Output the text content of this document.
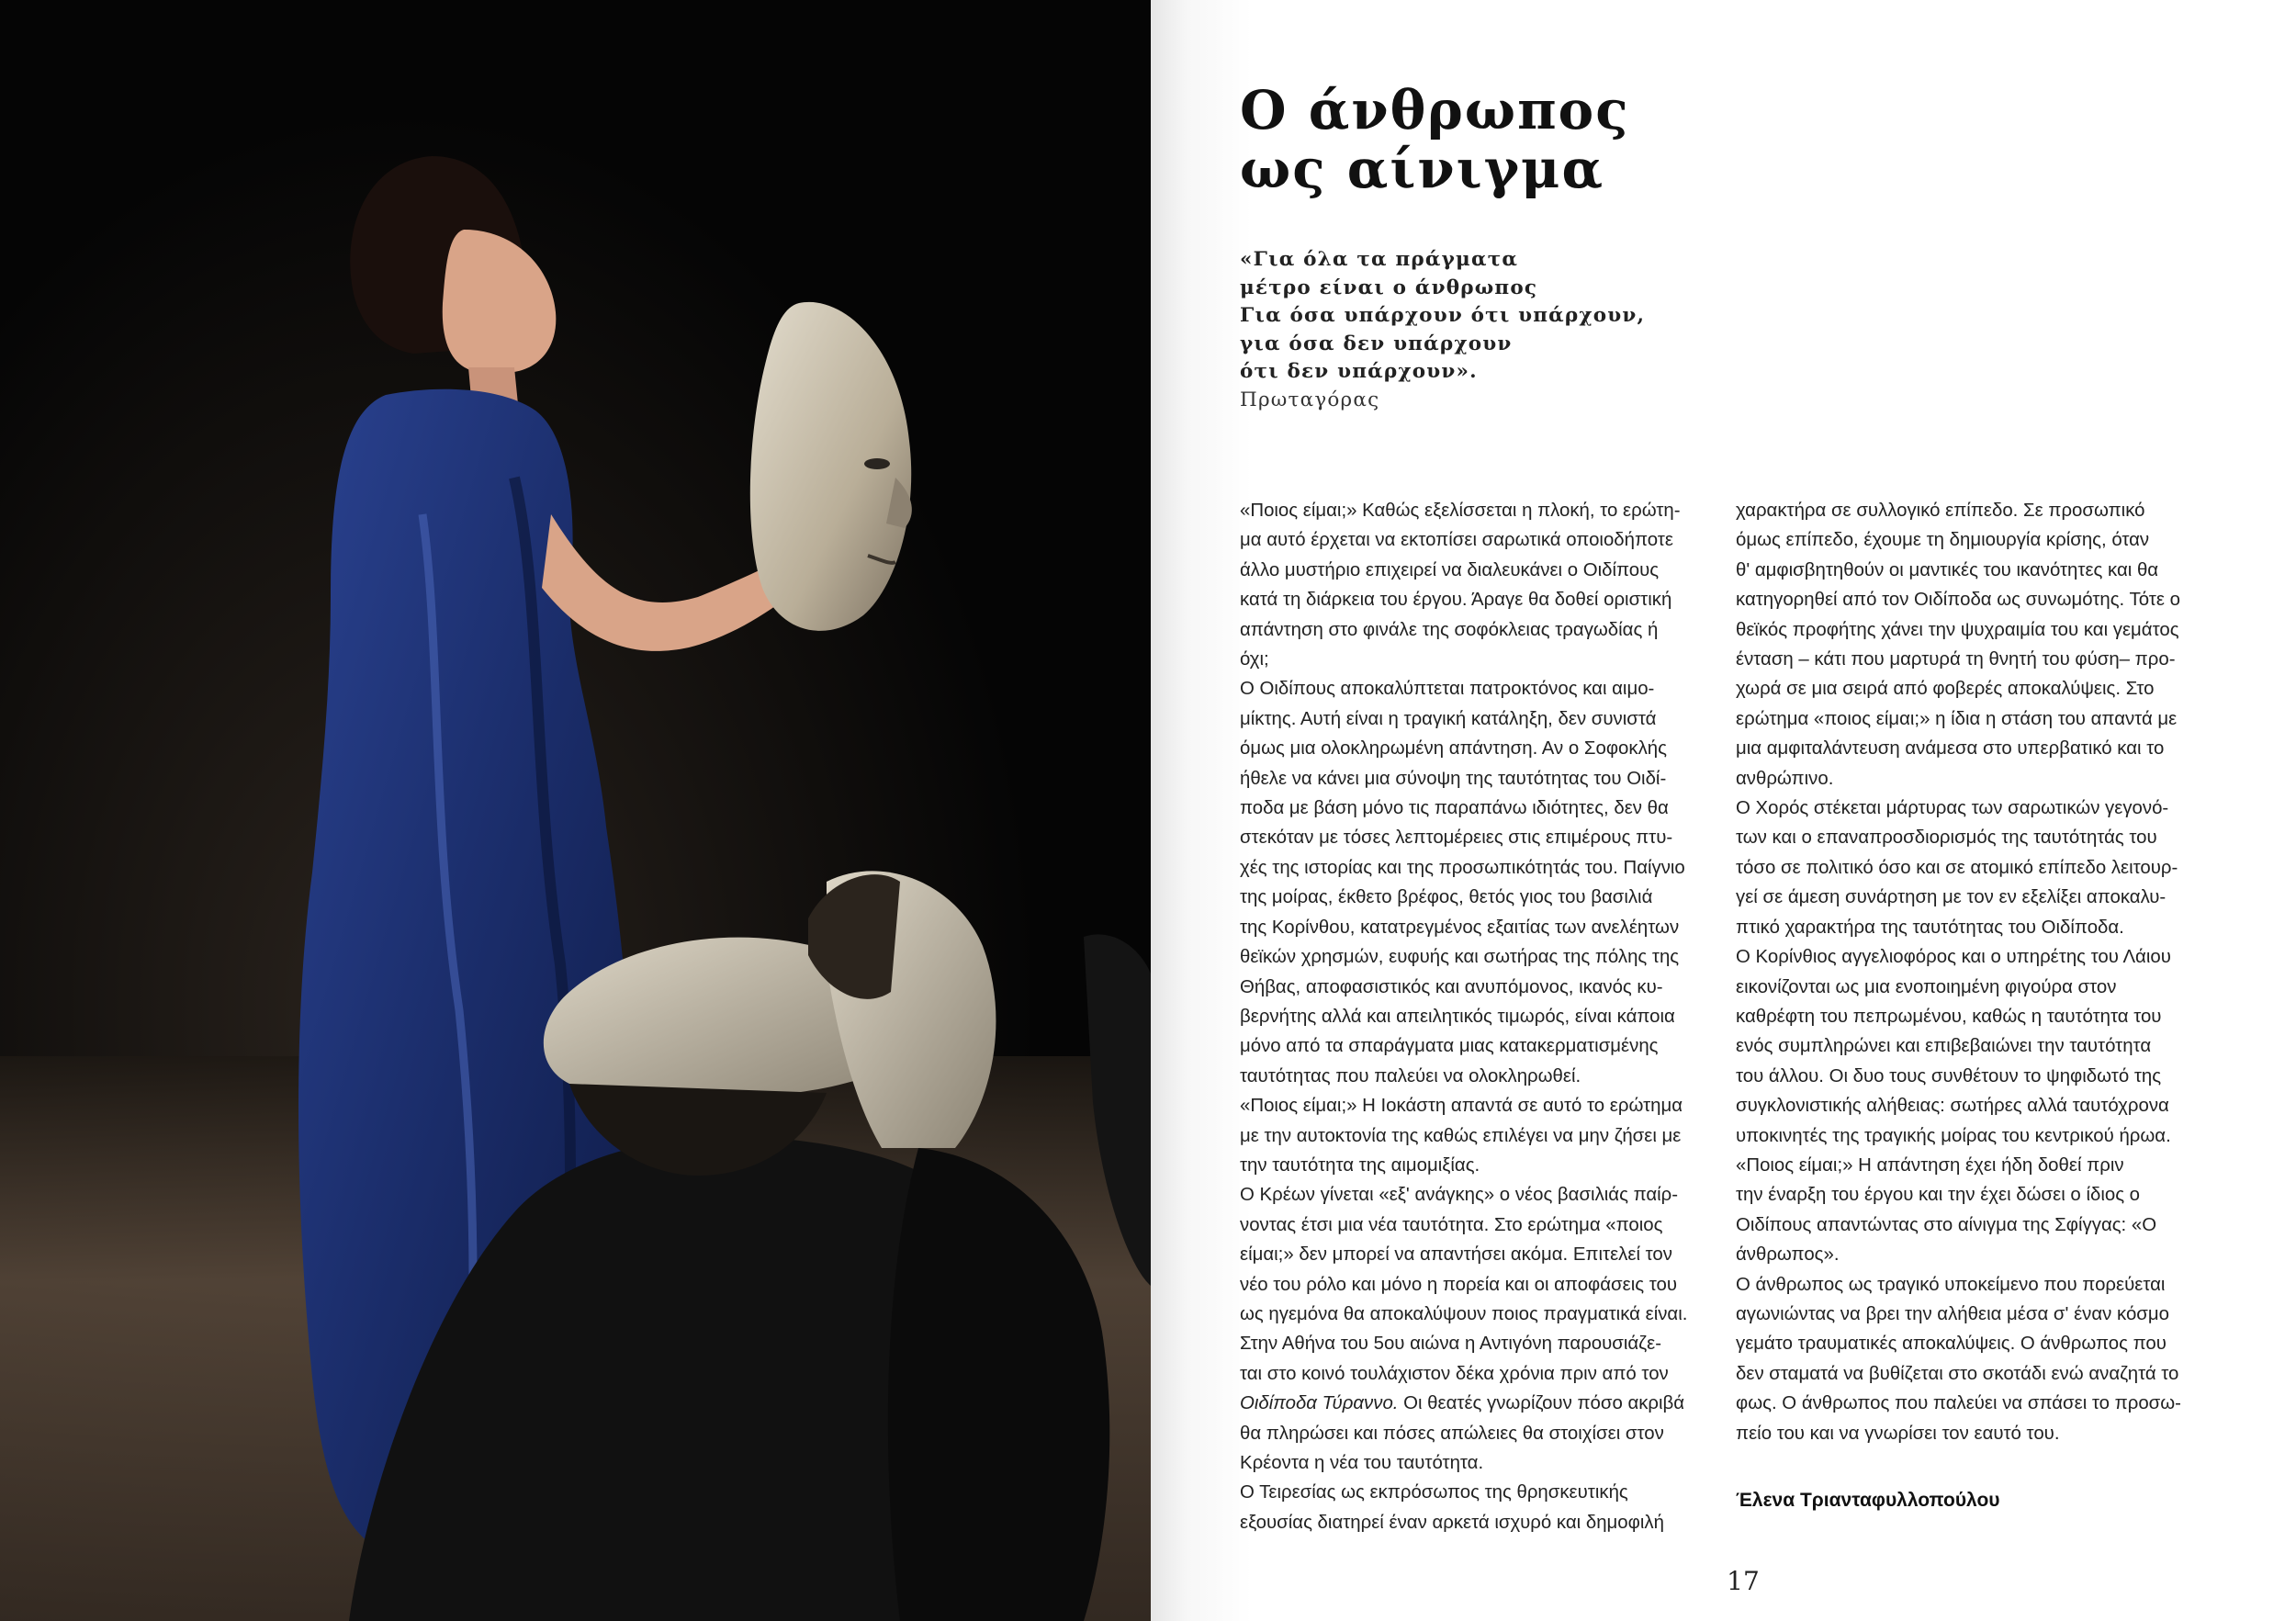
Ο άνθρωπος
ως αίνιγμα
«Για όλα τα πράγματα
μέτρο είναι ο άνθρωπος
Για όσα υπάρχουν ότι υπάρχουν,
για όσα δεν υπάρχουν
ότι δεν υπάρχουν».
Πρωταγόρας

«Ποιος είμαι;» Καθώς εξελίσσεται η πλοκή, το ερώτη-
μα αυτό έρχεται να εκτοπίσει σαρωτικά οποιοδήποτε
άλλο μυστήριο επιχειρεί να διαλευκάνει ο Οιδίπους
κατά τη διάρκεια του έργου. Άραγε θα δοθεί οριστική
απάντηση στο φινάλε της σοφόκλειας τραγωδίας ή
όχι;

Ο Οιδίπους αποκαλύπτεται πατροκτόνος και αιμο-
μίκτης. Αυτή είναι η τραγική κατάληξη, δεν συνιστά
όμως μια ολοκληρωμένη απάντηση. Αν ο Σοφοκλής
ήθελε να κάνει μια σύνοψη της ταυτότητας του Οιδί-
ποδα με βάση μόνο τις παραπάνω ιδιότητες, δεν θα
στεκόταν με τόσες λεπτομέρειες στις επιμέρους πτυ-
χές της ιστορίας και της προσωπικότητάς του. Παίγνιο
της μοίρας, έκθετο βρέφος, θετός γιος του βασιλιά
της Κορίνθου, κατατρεγμένος εξαιτίας των ανελέητων
θεϊκών χρησμών, ευφυής και σωτήρας της πόλης της
Θήβας, αποφασιστικός και ανυπόμονος, ικανός κυ-
βερνήτης αλλά και απειλητικός τιμωρός, είναι κάποια
μόνο από τα σπαράγματα μιας κατακερματισμένης
ταυτότητας που παλεύει να ολοκληρωθεί.

«Ποιος είμαι;» Η Ιοκάστη απαντά σε αυτό το ερώτημα
με την αυτοκτονία της καθώς επιλέγει να μην ζήσει με
την ταυτότητα της αιμομιξίας.

Ο Κρέων γίνεται «εξ' ανάγκης» ο νέος βασιλιάς παίρ-
νοντας έτσι μια νέα ταυτότητα. Στο ερώτημα «ποιος
είμαι;» δεν μπορεί να απαντήσει ακόμα. Επιτελεί τον
νέο του ρόλο και μόνο η πορεία και οι αποφάσεις του
ως ηγεμόνα θα αποκαλύψουν ποιος πραγματικά είναι.
Στην Αθήνα του 5ου αιώνα η Αντιγόνη παρουσιάζε-
ται στο κοινό τουλάχιστον δέκα χρόνια πριν από τον
Οιδίποδα Τύραννο. Οι θεατές γνωρίζουν πόσο ακριβά
θα πληρώσει και πόσες απώλειες θα στοιχίσει στον
Κρέοντα η νέα του ταυτότητα.

Ο Τειρεσίας ως εκπρόσωπος της θρησκευτικής
εξουσίας διατηρεί έναν αρκετά ισχυρό και δημοφιλή

χαρακτήρα σε συλλογικό επίπεδο. Σε προσωπικό
όμως επίπεδο, έχουμε τη δημιουργία κρίσης, όταν
θ' αμφισβητηθούν οι μαντικές του ικανότητες και θα
κατηγορηθεί από τον Οιδίποδα ως συνωμότης. Τότε ο
θεϊκός προφήτης χάνει την ψυχραιμία του και γεμάτος
ένταση – κάτι που μαρτυρά τη θνητή του φύση– προ-
χωρά σε μια σειρά από φοβερές αποκαλύψεις. Στο
ερώτημα «ποιος είμαι;» η ίδια η στάση του απαντά με
μια αμφιταλάντευση ανάμεσα στο υπερβατικό και το
ανθρώπινο.

Ο Χορός στέκεται μάρτυρας των σαρωτικών γεγονό-
των και ο επαναπροσδιορισμός της ταυτότητάς του
τόσο σε πολιτικό όσο και σε ατομικό επίπεδο λειτουρ-
γεί σε άμεση συνάρτηση με τον εν εξελίξει αποκαλυ-
πτικό χαρακτήρα της ταυτότητας του Οιδίποδα.

Ο Κορίνθιος αγγελιοφόρος και ο υπηρέτης του Λάιου
εικονίζονται ως μια ενοποιημένη φιγούρα στον
καθρέφτη του πεπρωμένου, καθώς η ταυτότητα του
ενός συμπληρώνει και επιβεβαιώνει την ταυτότητα
του άλλου. Οι δυο τους συνθέτουν το ψηφιδωτό της
συγκλονιστικής αλήθειας: σωτήρες αλλά ταυτόχρονα
υποκινητές της τραγικής μοίρας του κεντρικού ήρωα.

«Ποιος είμαι;» Η απάντηση έχει ήδη δοθεί πριν
την έναρξη του έργου και την έχει δώσει ο ίδιος ο
Οιδίπους απαντώντας στο αίνιγμα της Σφίγγας: «Ο
άνθρωπος».

Ο άνθρωπος ως τραγικό υποκείμενο που πορεύεται
αγωνιώντας να βρει την αλήθεια μέσα σ' έναν κόσμο
γεμάτο τραυματικές αποκαλύψεις. Ο άνθρωπος που
δεν σταματά να βυθίζεται στο σκοτάδι ενώ αναζητά το
φως. Ο άνθρωπος που παλεύει να σπάσει το προσω-
πείο του και να γνωρίσει τον εαυτό του.

Έλενα Τριανταφυλλοπούλου
17
